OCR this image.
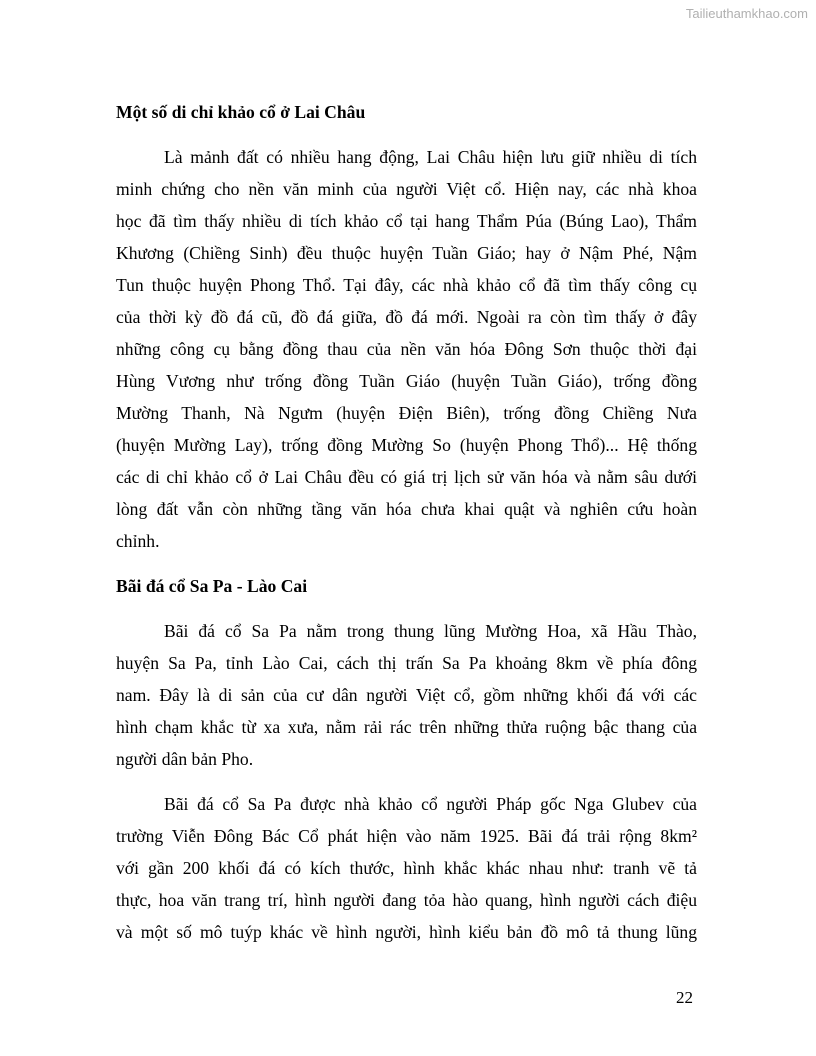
Tailieuthamkhao.com
Một số di chỉ khảo cổ ở Lai Châu
Là mảnh đất có nhiều hang động, Lai Châu hiện lưu giữ nhiều di tích
minh chứng cho nền văn minh của người Việt cổ. Hiện nay, các nhà khoa
học đã tìm thấy nhiều di tích khảo cổ tại hang Thẩm Púa (Búng Lao), Thẩm
Khương (Chiềng Sinh) đều thuộc huyện Tuần Giáo; hay ở Nậm Phé, Nậm
Tun thuộc huyện Phong Thổ. Tại đây, các nhà khảo cổ đã tìm thấy công cụ
của thời kỳ đồ đá cũ, đồ đá giữa, đồ đá mới. Ngoài ra còn tìm thấy ở đây
những công cụ bằng đồng thau của nền văn hóa Đông Sơn thuộc thời đại
Hùng Vương như trống đồng Tuần Giáo (huyện Tuần Giáo), trống đồng
Mường Thanh, Nà Ngưm (huyện Điện Biên), trống đồng Chiềng Nưa
(huyện Mường Lay), trống đồng Mường So (huyện Phong Thổ)... Hệ thống
các di chỉ khảo cổ ở Lai Châu đều có giá trị lịch sử văn hóa và nằm sâu dưới
lòng đất vẫn còn những tầng văn hóa chưa khai quật và nghiên cứu hoàn
chỉnh.
Bãi đá cổ Sa Pa - Lào Cai
Bãi đá cổ Sa Pa nằm trong thung lũng Mường Hoa, xã Hầu Thào,
huyện Sa Pa, tỉnh Lào Cai, cách thị trấn Sa Pa khoảng 8km về phía đông
nam. Đây là di sản của cư dân người Việt cổ, gồm những khối đá với các
hình chạm khắc từ xa xưa, nằm rải rác trên những thửa ruộng bậc thang của
người dân bản Pho.
Bãi đá cổ Sa Pa được nhà khảo cổ người Pháp gốc Nga Glubev của
trường Viễn Đông Bác Cổ phát hiện vào năm 1925. Bãi đá trải rộng 8km²
với gần 200 khối đá có kích thước, hình khắc khác nhau như: tranh vẽ tả
thực, hoa văn trang trí, hình người đang tỏa hào quang, hình người cách điệu
và một số mô tuýp khác về hình người, hình kiểu bản đồ mô tả thung lũng
22
